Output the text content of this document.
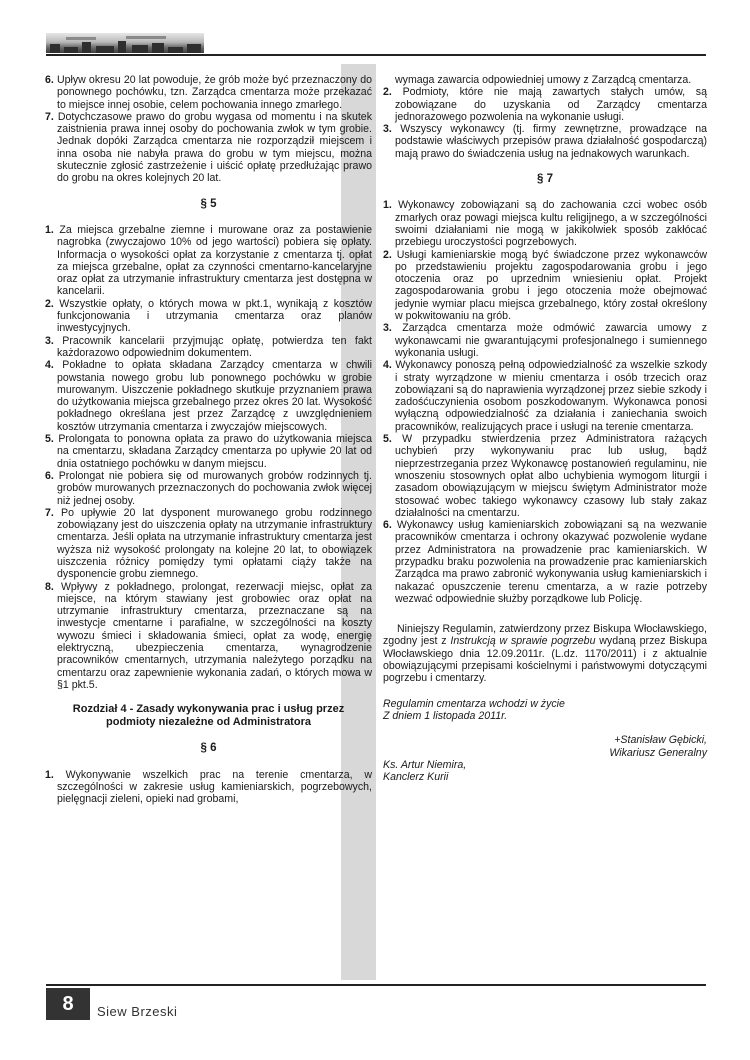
6. Upływ okresu 20 lat powoduje, że grób może być przeznaczony do ponownego pochówku, tzn. Zarządca cmentarza może przekazać to miejsce innej osobie, celem pochowania innego zmarłego.

7. Dotychczasowe prawo do grobu wygasa od momentu i na skutek zaistnienia prawa innej osoby do pochowania zwłok w tym grobie. Jednak dopóki Zarządca cmentarza nie rozporządził miejscem i inna osoba nie nabyła prawa do grobu w tym miejscu, można skutecznie zgłosić zastrzeżenie i uiścić opłatę przedłużając prawo do grobu na okres kolejnych 20 lat.

§ 5

1. Za miejsca grzebalne ziemne i murowane oraz za postawienie nagrobka (zwyczajowo 10% od jego wartości) pobiera się opłaty. Informacja o wysokości opłat za korzystanie z cmentarza tj. opłat za miejsca grzebalne, opłat za czynności cmentarno-kancelaryjne oraz opłat za utrzymanie infrastruktury cmentarza jest dostępna w kancelarii.

2. Wszystkie opłaty, o których mowa w pkt.1, wynikają z kosztów funkcjonowania i utrzymania cmentarza oraz planów inwestycyjnych.

3. Pracownik kancelarii przyjmując opłatę, potwierdza ten fakt każdorazowo odpowiednim dokumentem.

4. Pokładne to opłata składana Zarządcy cmentarza w chwili powstania nowego grobu lub ponownego pochówku w grobie murowanym. Uiszczenie pokładnego skutkuje przyznaniem prawa do użytkowania miejsca grzebalnego przez okres 20 lat. Wysokość pokładnego określana jest przez Zarządcę z uwzględnieniem kosztów utrzymania cmentarza i zwyczajów miejscowych.

5. Prolongata to ponowna opłata za prawo do użytkowania miejsca na cmentarzu, składana Zarządcy cmentarza po upływie 20 lat od dnia ostatniego pochówku w danym miejscu.

6. Prolongat nie pobiera się od murowanych grobów rodzinnych tj. grobów murowanych przeznaczonych do pochowania zwłok więcej niż jednej osoby.

7. Po upływie 20 lat dysponent murowanego grobu rodzinnego zobowiązany jest do uiszczenia opłaty na utrzymanie infrastruktury cmentarza. Jeśli opłata na utrzymanie infrastruktury cmentarza jest wyższa niż wysokość prolongaty na kolejne 20 lat, to obowiązek uiszczenia różnicy pomiędzy tymi opłatami ciąży także na dysponencie grobu ziemnego.

8. Wpływy z pokładnego, prolongat, rezerwacji miejsc, opłat za miejsce, na którym stawiany jest grobowiec oraz opłat na utrzymanie infrastruktury cmentarza, przeznaczane są na inwestycje cmentarne i parafialne, w szczególności na koszty wywozu śmieci i składowania śmieci, opłat za wodę, energię elektryczną, ubezpieczenia cmentarza, wynagrodzenie pracowników cmentarnych, utrzymania należytego porządku na cmentarzu oraz zapewnienie wykonania zadań, o których mowa w §1 pkt.5.

Rozdział 4 - Zasady wykonywania prac i usług przez
podmioty niezależne od Administratora
§ 6

1. Wykonywanie wszelkich prac na terenie cmentarza, w szczególności w zakresie usług kamieniarskich, pogrzebowych, pielęgnacji zieleni, opieki nad grobami,

wymaga zawarcia odpowiedniej umowy z Zarządcą cmentarza.

2. Podmioty, które nie mają zawartych stałych umów, są zobowiązane do uzyskania od Zarządcy cmentarza jednorazowego pozwolenia na wykonanie usługi.

3. Wszyscy wykonawcy (tj. firmy zewnętrzne, prowadzące na podstawie właściwych przepisów prawa działalność gospodarczą) mają prawo do świadczenia usług na jednakowych warunkach.

§ 7

1. Wykonawcy zobowiązani są do zachowania czci wobec osób zmarłych oraz powagi miejsca kultu religijnego, a w szczególności swoimi działaniami nie mogą w jakikolwiek sposób zakłócać przebiegu uroczystości pogrzebowych.

2. Usługi kamieniarskie mogą być świadczone przez wykonawców po przedstawieniu projektu zagospodarowania grobu i jego otoczenia oraz po uprzednim wniesieniu opłat. Projekt zagospodarowania grobu i jego otoczenia może obejmować jedynie wymiar placu miejsca grzebalnego, który został określony w pokwitowaniu na grób.

3. Zarządca cmentarza może odmówić zawarcia umowy z wykonawcami nie gwarantującymi profesjonalnego i sumiennego wykonania usługi.

4. Wykonawcy ponoszą pełną odpowiedzialność za wszelkie szkody i straty wyrządzone w mieniu cmentarza i osób trzecich oraz zobowiązani są do naprawienia wyrządzonej przez siebie szkody i zadośćuczynienia osobom poszkodowanym. Wykonawca ponosi wyłączną odpowiedzialność za działania i zaniechania swoich pracowników, realizujących prace i usługi na terenie cmentarza.

5. W przypadku stwierdzenia przez Administratora rażących uchybień przy wykonywaniu prac lub usług, bądź nieprzestrzegania przez Wykonawcę postanowień regulaminu, nie wnoszeniu stosownych opłat albo uchybienia wymogom liturgii i zasadom obowiązującym w miejscu świętym Administrator może stosować wobec takiego wykonawcy czasowy lub stały zakaz działalności na cmentarzu.

6. Wykonawcy usług kamieniarskich zobowiązani są na wezwanie pracowników cmentarza i ochrony okazywać pozwolenie wydane przez Administratora na prowadzenie prac kamieniarskich. W przypadku braku pozwolenia na prowadzenie prac kamieniarskich Zarządca ma prawo zabronić wykonywania usług kamieniarskich i nakazać opuszczenie terenu cmentarza, a w razie potrzeby wezwać odpowiednie służby porządkowe lub Policję.

Niniejszy Regulamin, zatwierdzony przez Biskupa Włocławskiego, zgodny jest z Instrukcją w sprawie pogrzebu wydaną przez Biskupa Włocławskiego dnia 12.09.2011r. (L.dz. 1170/2011) i z aktualnie obowiązującymi przepisami kościelnymi i państwowymi dotyczącymi pogrzebu i cmentarzy.

Regulamin cmentarza wchodzi w życie

Z dniem 1 listopada 2011r.

+Stanisław Gębicki,

Wikariusz Generalny

Ks. Artur Niemira,

Kanclerz Kurii

8	Siew Brzeski
